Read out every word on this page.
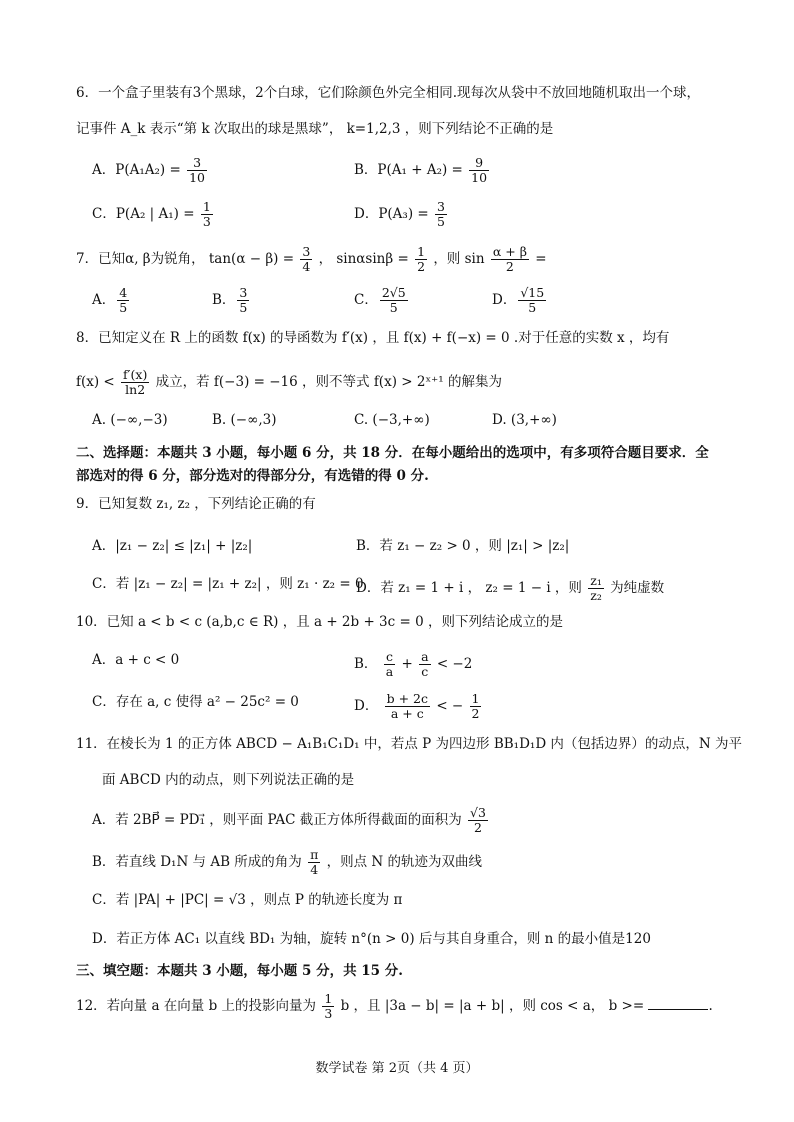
6．一个盒子里装有3个黑球，2个白球，它们除颜色外完全相同.现每次从袋中不放回地随机取出一个球，
记事件 A_k 表示“第 k 次取出的球是黑球”， k=1,2,3 ，则下列结论不正确的是
A．$P(A_1A_2) = \frac{3}{10}$	B．$P(A_1 + A_2) = \frac{9}{10}$
C．P(A₂ | $A_1) = \frac{1}{3}$	D．$P(A_3) = \frac{3}{5}$
7．已知α, β为锐角， $\tan(\alpha - \beta) = \frac{3}{4}$ ， $\sin\alpha\sin\beta = \frac{1}{2}$ ，则 $\sin \frac{\alpha + \beta}{2}$ =
A． $\frac{4}{5}$	B． $\frac{3}{5}$	C． $\frac{2√5}{5}$	D． $\frac{√15}{5}$
8．已知定义在 R 上的函数 f(x) 的导函数为 f′(x) ，且 f(x) + f(−x) = 0 .对于任意的实数 x ，均有
$f(x) < \frac{f'(x)}{\ln 2}$ 成立，若 f(−3) = −16 ，则不等式 f(x) > 2ˣ⁺¹ 的解集为
A. (−∞,−3)	B. (−∞,3)	C. (−3,+∞)	D. (3,+∞)
二、选择题：本题共 3 小题，每小题 6 分，共 18 分．在每小题给出的选项中，有多项符合题目要求．全
部选对的得 6 分，部分选对的得部分分，有选错的得 0 分.
9．已知复数 z₁, z₂ ，下列结论正确的有
A．|z₁ − z₂| ≤ |z₁| + |z₂|	B．若 z₁ − z₂ > 0 ，则 |z₁| > |z₂|
C．若 |z₁ − z₂| = |z₁ + z₂| ，则 z₁ · z₂ = 0
D．若 z₁ = 1 + i ， z₂ = 1 − i ，则 $\frac{\text{z₁}}{\text{z₂}}$ 为纯虚数
10．已知 a < b < c (a,b,c ∈ R) ，且 a + 2b + 3c = 0 ，则下列结论成立的是
A．a + c < 0	B． $\frac{c}{a} + \frac{a}{c} < -2$
C．存在 a, c 使得 a² − 25c² = 0	D． $\frac{b + 2c}{a + c}$ < − $\frac{1}{2}$
11．在棱长为 1 的正方体 ABCD − A₁B₁C₁D₁ 中，若点 P 为四边形 BB₁D₁D 内（包括边界）的动点，N 为平
面 ABCD 内的动点，则下列说法正确的是
A．若 2BP⃗ = PD₁⃗ ，则平面 PAC 截正方体所得截面的面积为 $\frac{√3}{2}$
B．若直线 D₁N 与 AB 所成的角为 $\frac{\pi}{4}$ ，则点 N 的轨迹为双曲线
C．若 |PA| + |PC| = √3 ，则点 P 的轨迹长度为 π
D．若正方体 AC₁ 以直线 BD₁ 为轴，旋转 n°(n > 0) 后与其自身重合，则 n 的最小值是120
三、填空题：本题共 3 小题，每小题 5 分，共 15 分.
12．若向量 a 在向量 b 上的投影向量为 $\frac{1}{3}$ b ，且 |3a − b| = |a + b| ，则 cos < a， b >=	.
数学试卷 第 2页（共 4 页）
